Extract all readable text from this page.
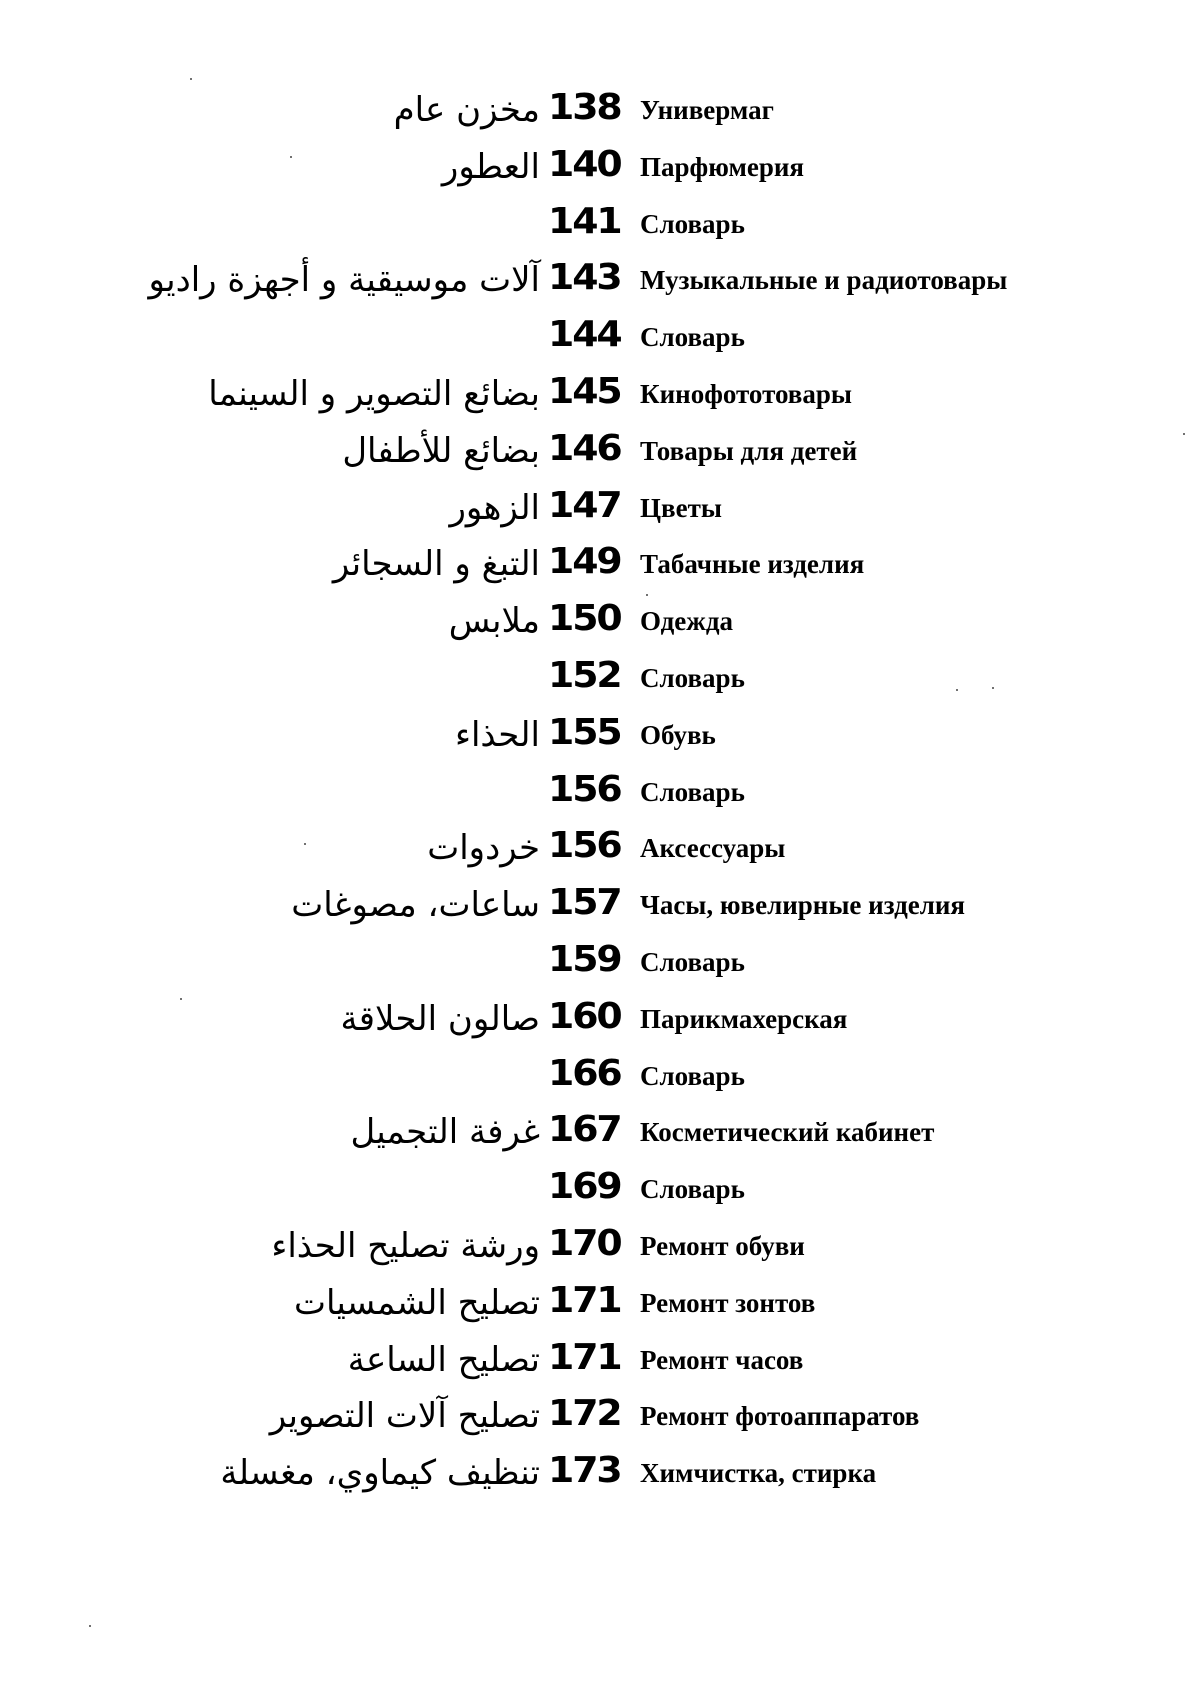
مخزن عام 138 Универмаг
العطور 140 Парфюмерия
141 Словарь
آلات موسيقية و أجهزة راديو 143 Музыкальные и радиотовары
144 Словарь
بضائع التصوير و السينما 145 Кинофототовары
بضائع للأطفال 146 Товары для детей
الزهور 147 Цветы
التبغ و السجائر 149 Табачные изделия
ملابس 150 Одежда
152 Словарь
الحذاء 155 Обувь
156 Словарь
خردوات 156 Аксессуары
ساعات، مصوغات 157 Часы, ювелирные изделия
159 Словарь
صالون الحلاقة 160 Парикмахерская
166 Словарь
غرفة التجميل 167 Косметический кабинет
169 Словарь
ورشة تصليح الحذاء 170 Ремонт обуви
تصليح الشمسيات 171 Ремонт зонтов
تصليح الساعة 171 Ремонт часов
تصليح آلات التصوير 172 Ремонт фотоаппаратов
تنظيف كيماوي، مغسلة 173 Химчистка, стирка
